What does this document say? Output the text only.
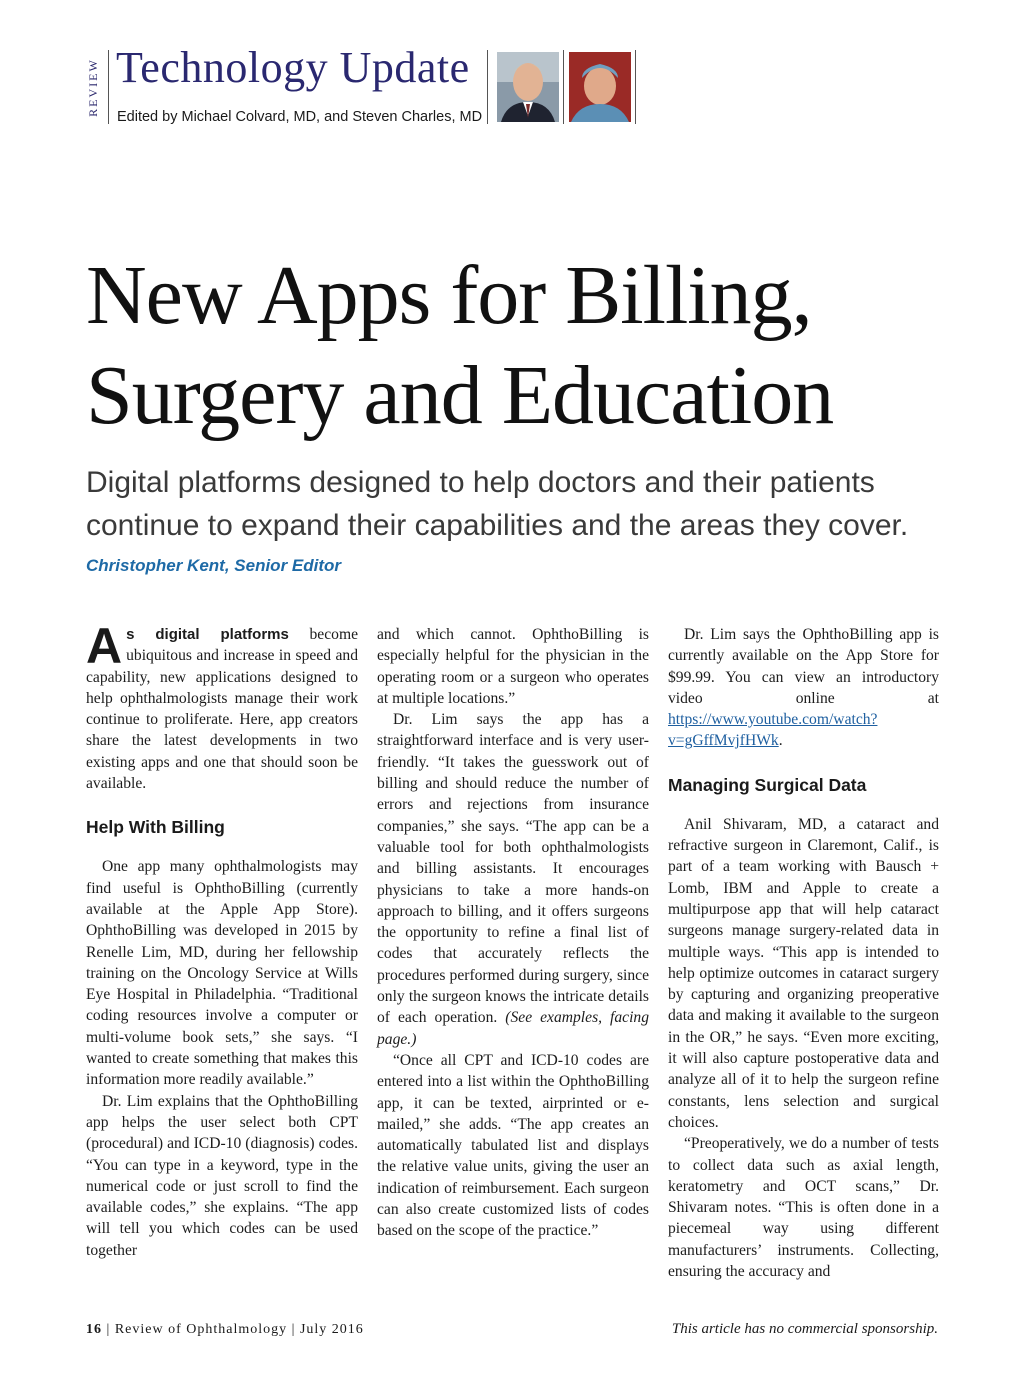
REVIEW Technology Update
Edited by Michael Colvard, MD, and Steven Charles, MD
New Apps for Billing,
Surgery and Education
Digital platforms designed to help doctors and their patients
continue to expand their capabilities and the areas they cover.
Christopher Kent, Senior Editor

As digital platforms become ubiquitous and increase in speed and capability, new applications designed to help ophthalmologists manage their work continue to proliferate. Here, app creators share the latest developments in two existing apps and one that should soon be available.

Help With Billing

One app many ophthalmologists may find useful is OphthoBilling (currently available at the Apple App Store). OphthoBilling was developed in 2015 by Renelle Lim, MD, during her fellowship training on the Oncology Service at Wills Eye Hospital in Philadelphia. “Traditional coding resources involve a computer or multi-volume book sets,” she says. “I wanted to create something that makes this information more readily available.”

Dr. Lim explains that the OphthoBilling app helps the user select both CPT (procedural) and ICD-10 (diagnosis) codes. “You can type in a keyword, type in the numerical code or just scroll to find the available codes,” she explains. “The app will tell you which codes can be used together

and which cannot. OphthoBilling is especially helpful for the physician in the operating room or a surgeon who operates at multiple locations.”

Dr. Lim says the app has a straightforward interface and is very user-friendly. “It takes the guesswork out of billing and should reduce the number of errors and rejections from insurance companies,” she says. “The app can be a valuable tool for both ophthalmologists and billing assistants. It encourages physicians to take a more hands-on approach to billing, and it offers surgeons the opportunity to refine a final list of codes that accurately reflects the procedures performed during surgery, since only the surgeon knows the intricate details of each operation. (See examples, facing page.)

“Once all CPT and ICD-10 codes are entered into a list within the OphthoBilling app, it can be texted, airprinted or e-mailed,” she adds. “The app creates an automatically tabulated list and displays the relative value units, giving the user an indication of reimbursement. Each surgeon can also create customized lists of codes based on the scope of the practice.”

Dr. Lim says the OphthoBilling app is currently available on the App Store for $99.99. You can view an introductory video online at https://www.youtube.com/watch?v=gGffMvjfHWk.

Managing Surgical Data

Anil Shivaram, MD, a cataract and refractive surgeon in Claremont, Calif., is part of a team working with Bausch + Lomb, IBM and Apple to create a multipurpose app that will help cataract surgeons manage surgery-related data in multiple ways. “This app is intended to help optimize outcomes in cataract surgery by capturing and organizing preoperative data and making it available to the surgeon in the OR,” he says. “Even more exciting, it will also capture postoperative data and analyze all of it to help the surgeon refine constants, lens selection and surgical choices.

“Preoperatively, we do a number of tests to collect data such as axial length, keratometry and OCT scans,” Dr. Shivaram notes. “This is often done in a piecemeal way using different manufacturers’ instruments. Collecting, ensuring the accuracy and

16 | Review of Ophthalmology | July 2016	This article has no commercial sponsorship.
